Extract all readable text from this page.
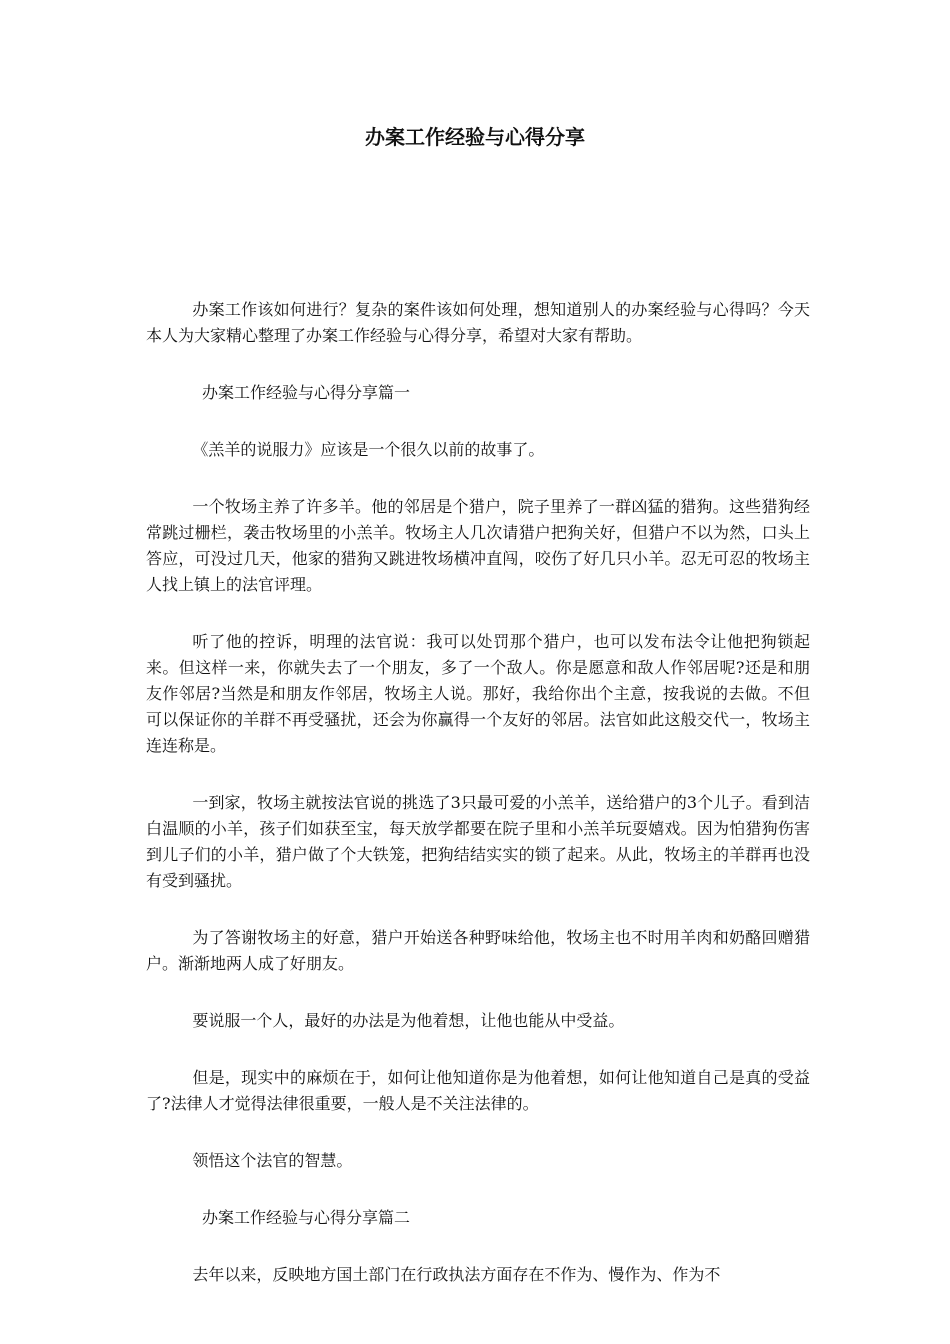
办案工作经验与心得分享

办案工作该如何进行？复杂的案件该如何处理，想知道别人的办案经验与心得吗？今天本人为大家精心整理了办案工作经验与心得分享，希望对大家有帮助。

办案工作经验与心得分享篇一

《羔羊的说服力》应该是一个很久以前的故事了。

一个牧场主养了许多羊。他的邻居是个猎户，院子里养了一群凶猛的猎狗。这些猎狗经常跳过栅栏，袭击牧场里的小羔羊。牧场主人几次请猎户把狗关好，但猎户不以为然，口头上答应，可没过几天，他家的猎狗又跳进牧场横冲直闯，咬伤了好几只小羊。忍无可忍的牧场主人找上镇上的法官评理。

听了他的控诉，明理的法官说：我可以处罚那个猎户，也可以发布法令让他把狗锁起来。但这样一来，你就失去了一个朋友，多了一个敌人。你是愿意和敌人作邻居呢?还是和朋友作邻居?当然是和朋友作邻居，牧场主人说。那好，我给你出个主意，按我说的去做。不但可以保证你的羊群不再受骚扰，还会为你赢得一个友好的邻居。法官如此这般交代一，牧场主连连称是。

一到家，牧场主就按法官说的挑选了3只最可爱的小羔羊，送给猎户的3个儿子。看到洁白温顺的小羊，孩子们如获至宝，每天放学都要在院子里和小羔羊玩耍嬉戏。因为怕猎狗伤害到儿子们的小羊，猎户做了个大铁笼，把狗结结实实的锁了起来。从此，牧场主的羊群再也没有受到骚扰。

为了答谢牧场主的好意，猎户开始送各种野味给他，牧场主也不时用羊肉和奶酪回赠猎户。渐渐地两人成了好朋友。

要说服一个人，最好的办法是为他着想，让他也能从中受益。

但是，现实中的麻烦在于，如何让他知道你是为他着想，如何让他知道自己是真的受益了?法律人才觉得法律很重要，一般人是不关注法律的。

领悟这个法官的智慧。

办案工作经验与心得分享篇二

去年以来，反映地方国土部门在行政执法方面存在不作为、慢作为、作为不
